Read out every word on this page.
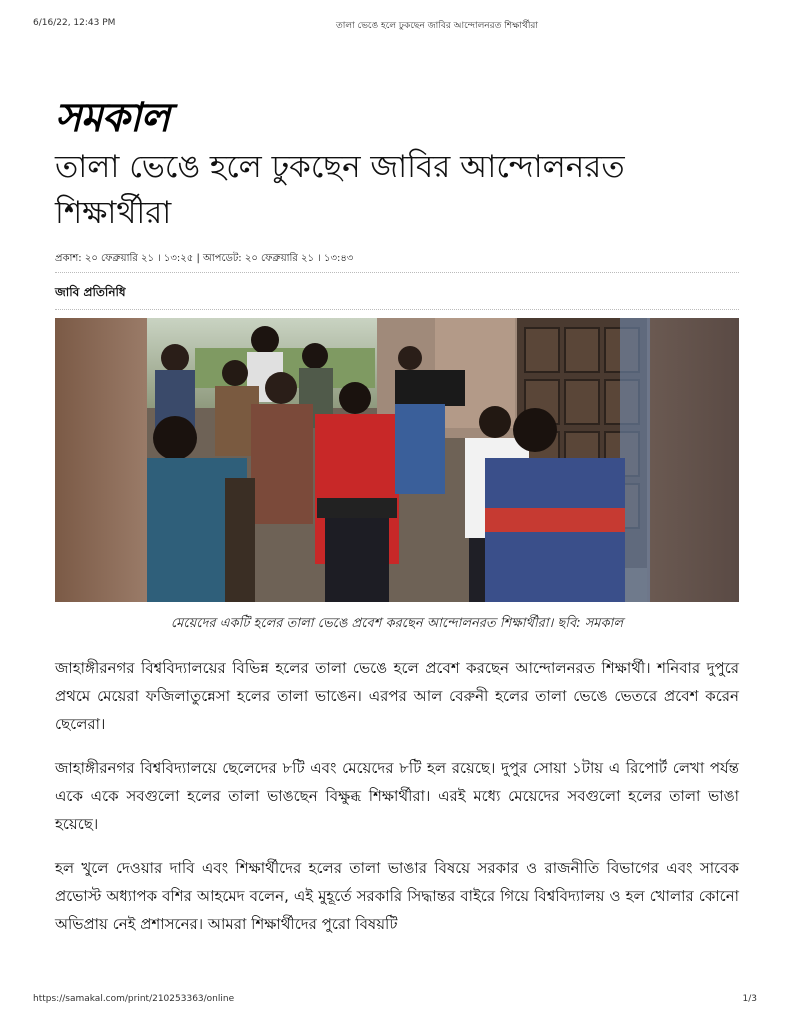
6/16/22, 12:43 PM	তালা ভেঙে হলে ঢুকছেন জাবির আন্দোলনরত শিক্ষার্থীরা
সমকাল
তালা ভেঙে হলে ঢুকছেন জাবির আন্দোলনরত শিক্ষার্থীরা
প্রকাশ: ২০ ফেব্রুয়ারি ২১ । ১৩:২৫ | আপডেট: ২০ ফেব্রুয়ারি ২১ । ১৩:৪৩
জাবি প্রতিনিধি
মেয়েদের একটি হলের তালা ভেঙে প্রবেশ করছেন আন্দোলনরত শিক্ষার্থীরা। ছবি: সমকাল

জাহাঙ্গীরনগর বিশ্ববিদ্যালয়ের বিভিন্ন হলের তালা ভেঙে হলে প্রবেশ করছেন আন্দোলনরত শিক্ষার্থী। শনিবার দুপুরে প্রথমে মেয়েরা ফজিলাতুন্নেসা হলের তালা ভাঙেন। এরপর আল বেরুনী হলের তালা ভেঙে ভেতরে প্রবেশ করেন ছেলেরা।

জাহাঙ্গীরনগর বিশ্ববিদ্যালয়ে ছেলেদের ৮টি এবং মেয়েদের ৮টি হল রয়েছে। দুপুর সোয়া ১টায় এ রিপোর্ট লেখা পর্যন্ত একে একে সবগুলো হলের তালা ভাঙছেন বিক্ষুব্ধ শিক্ষার্থীরা। এরই মধ্যে মেয়েদের সবগুলো হলের তালা ভাঙা হয়েছে।

হল খুলে দেওয়ার দাবি এবং শিক্ষার্থীদের হলের তালা ভাঙার বিষয়ে সরকার ও রাজনীতি বিভাগের এবং সাবেক প্রভোস্ট অধ্যাপক বশির আহমেদ বলেন, এই মুহূর্তে সরকারি সিদ্ধান্তর বাইরে গিয়ে বিশ্ববিদ্যালয় ও হল খোলার কোনো অভিপ্রায় নেই প্রশাসনের। আমরা শিক্ষার্থীদের পুরো বিষয়টি

https://samakal.com/print/210253363/online	1/3
